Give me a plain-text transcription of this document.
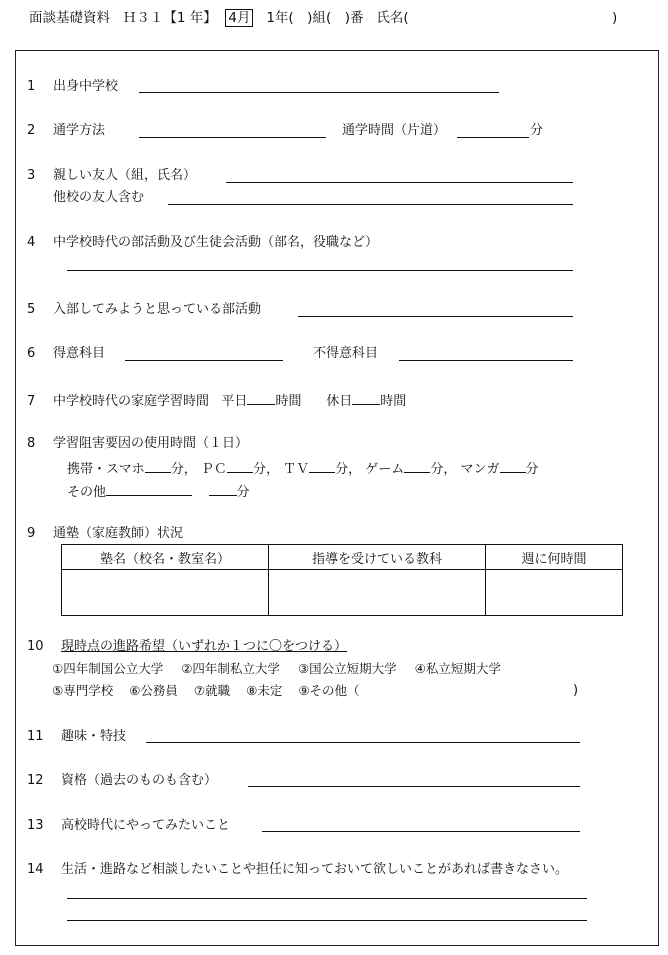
面談基礎資料 Ｈ３１【1 年】 4月 1年(　)組(　)番 氏名(	)
1 出身中学校
2 通学方法	通学時間（片道）	分
3 親しい友人（組，氏名）
他校の友人含む
4 中学校時代の部活動及び生徒会活動（部名，役職など）
5 入部してみようと思っている部活動
6 得意科目	不得意科目
7 中学校時代の家庭学習時間 平日 時間 休日 時間
8 学習阻害要因の使用時間（１日）
携帯・スマホ 分， ＰＣ 分， ＴＶ 分， ゲーム 分， マンガ 分
その他	分
9 通塾（家庭教師）状況
塾名（校名・教室名）	指導を受けている教科	週に何時間

10 現時点の進路希望（いずれか１つに〇をつける）
①四年制国公立大学 ②四年制私立大学 ③国公立短期大学 ④私立短期大学
⑤専門学校 ⑥公務員 ⑦就職 ⑧未定 ⑨その他（	)
11 趣味・特技
12 資格（過去のものも含む）
13 高校時代にやってみたいこと
14 生活・進路など相談したいことや担任に知っておいて欲しいことがあれば書きなさい。
